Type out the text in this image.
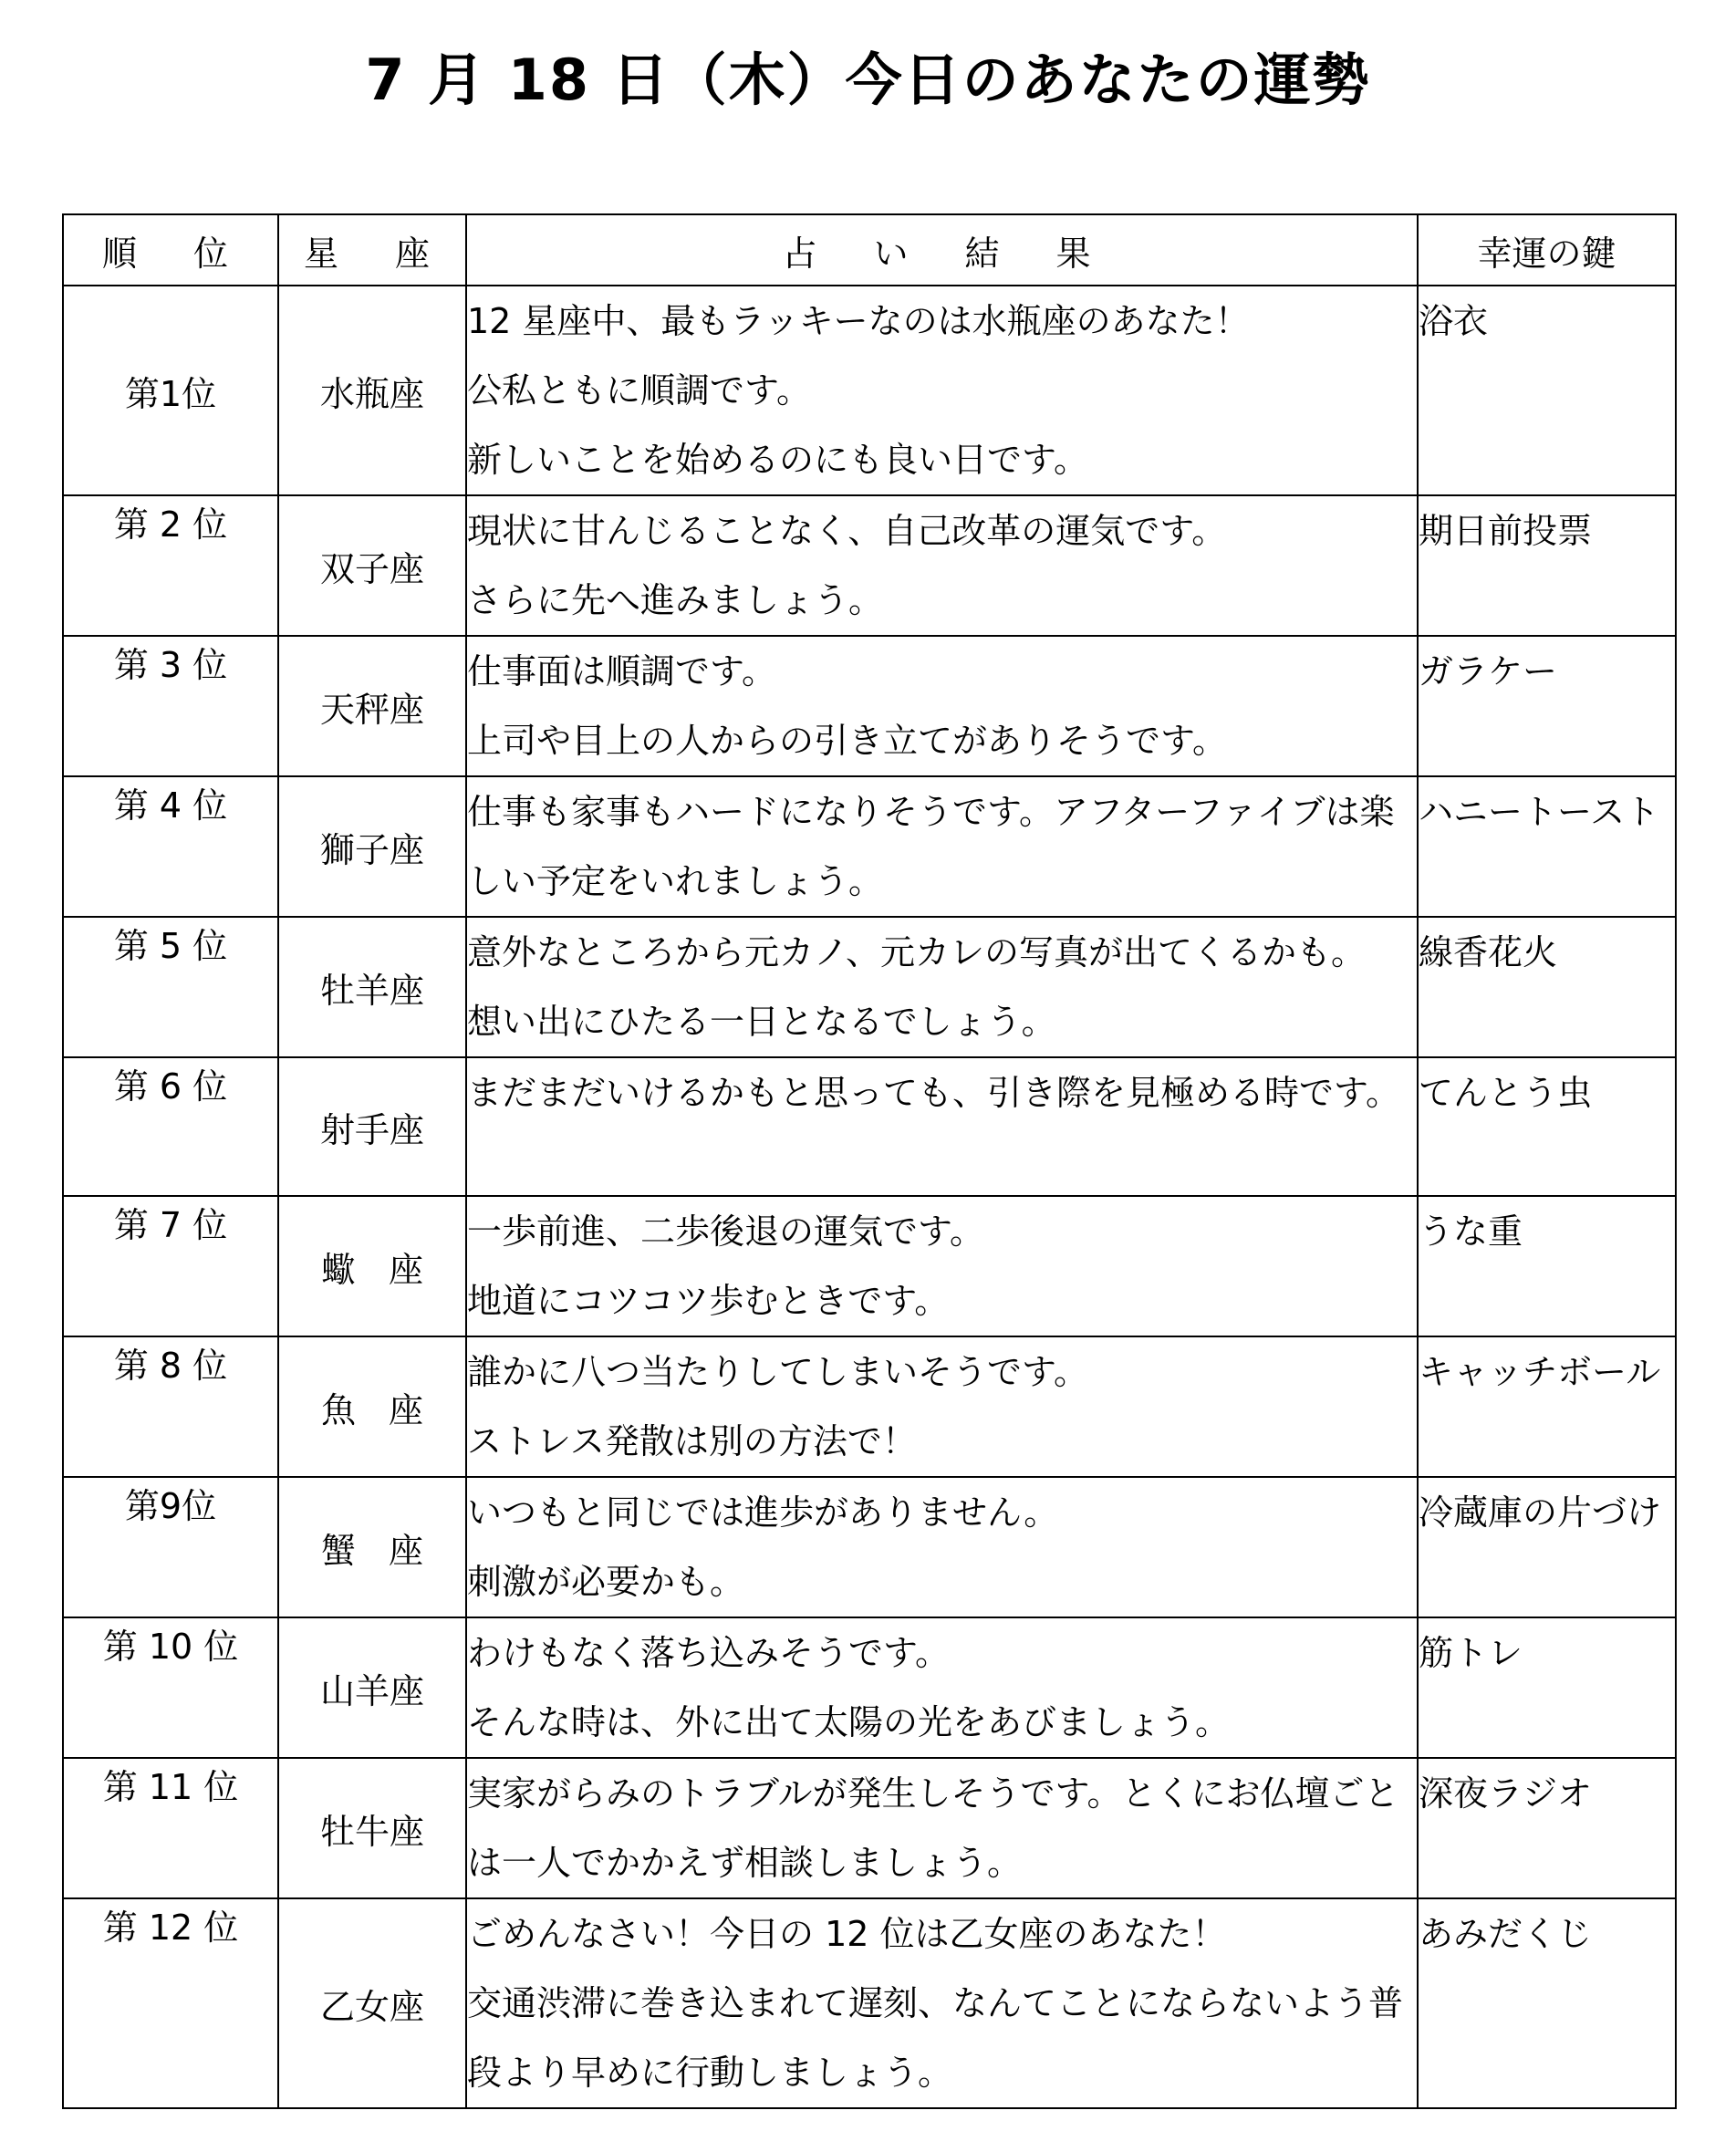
7 月 18 日（木）今日のあなたの運勢
順　位	星　座	占　い　結　果	幸運の鍵
第1位	水瓶座	12 星座中、最もラッキーなのは水瓶座のあなた！
公私ともに順調です。
新しいことを始めるのにも良い日です。	浴衣
第 2 位	双子座	現状に甘んじることなく、自己改革の運気です。
さらに先へ進みましょう。	期日前投票
第 3 位	天秤座	仕事面は順調です。
上司や目上の人からの引き立てがありそうです。	ガラケー
第 4 位	獅子座	仕事も家事もハードになりそうです。アフターファイブは楽しい予定をいれましょう。	ハニートースト
第 5 位	牡羊座	意外なところから元カノ、元カレの写真が出てくるかも。
想い出にひたる一日となるでしょう。	線香花火
第 6 位	射手座	まだまだいけるかもと思っても、引き際を見極める時です。	てんとう虫
第 7 位	蠍座	一歩前進、二歩後退の運気です。
地道にコツコツ歩むときです。	うな重
第 8 位	魚座	誰かに八つ当たりしてしまいそうです。
ストレス発散は別の方法で！	キャッチボール
第9位	蟹座	いつもと同じでは進歩がありません。
刺激が必要かも。	冷蔵庫の片づけ
第 10 位	山羊座	わけもなく落ち込みそうです。
そんな時は、外に出て太陽の光をあびましょう。	筋トレ
第 11 位	牡牛座	実家がらみのトラブルが発生しそうです。とくにお仏壇ごとは一人でかかえず相談しましょう。	深夜ラジオ
第 12 位	乙女座	ごめんなさい！今日の 12 位は乙女座のあなた！
交通渋滞に巻き込まれて遅刻、なんてことにならないよう普段より早めに行動しましょう。	あみだくじ
